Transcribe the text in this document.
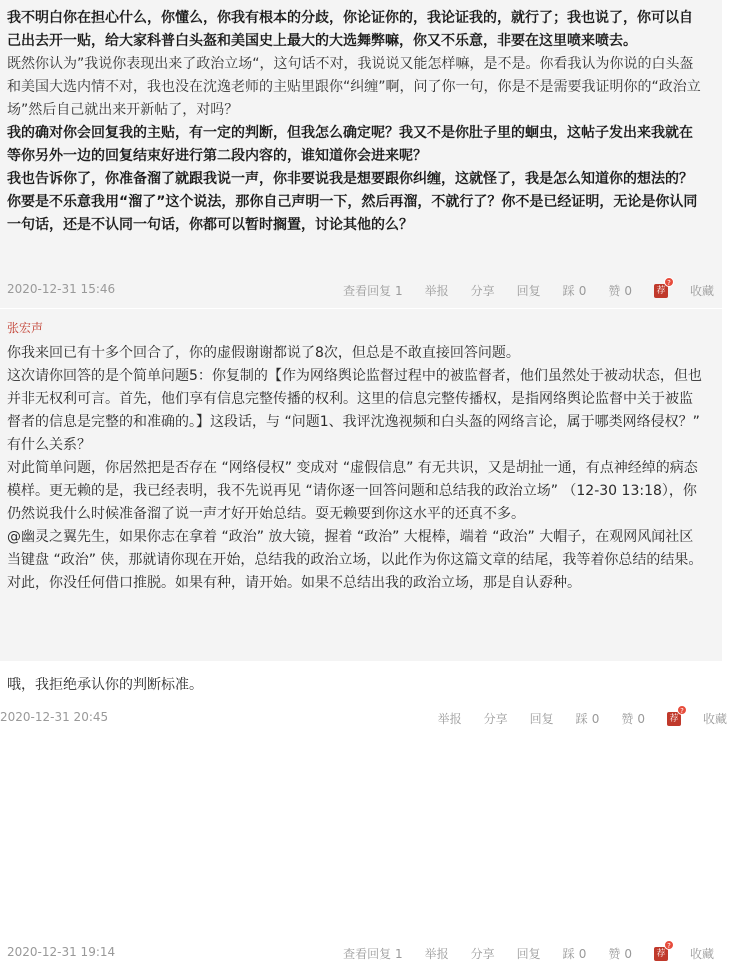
我不明白你在担心什么，你懂么，你我有根本的分歧，你论证你的，我论证我的，就行了；我也说了，你可以自己出去开一贴，给大家科普白头盔和美国史上最大的大选舞弊嘛，你又不乐意，非要在这里喷来喷去。

既然你认为”我说你表现出来了政治立场“，这句话不对，我说说又能怎样嘛，是不是。你看我认为你说的白头盔和美国大选内情不对，我也没在沈逸老师的主贴里跟你“纠缠”啊，问了你一句，你是不是需要我证明你的“政治立场”然后自己就出来开新帖了，对吗？

我的确对你会回复我的主贴，有一定的判断，但我怎么确定呢？我又不是你肚子里的蛔虫，这帖子发出来我就在等你另外一边的回复结束好进行第二段内容的，谁知道你会进来呢？

我也告诉你了，你准备溜了就跟我说一声，你非要说我是想要跟你纠缠，这就怪了，我是怎么知道你的想法的？

你要是不乐意我用“溜了”这个说法，那你自己声明一下，然后再溜，不就行了？你不是已经证明，无论是你认同一句话，还是不认同一句话，你都可以暂时搁置，讨论其他的么？

2020-12-31 15:46	查看回复 1 举报 分享 回复 踩 0 赞 0	荐
?
收藏
张宏声

你我来回已有十多个回合了，你的虚假谢谢都说了8次，但总是不敢直接回答问题。

这次请你回答的是个简单问题5：你复制的【作为网络舆论监督过程中的被监督者，他们虽然处于被动状态，但也并非无权利可言。首先，他们享有信息完整传播的权利。这里的信息完整传播权，是指网络舆论监督中关于被监督者的信息是完整的和准确的。】这段话，与 “问题1、我评沈逸视频和白头盔的网络言论，属于哪类网络侵权？” 有什么关系？

对此简单问题，你居然把是否存在 “网络侵权” 变成对 “虚假信息” 有无共识，又是胡扯一通，有点神经绰的病态模样。更无赖的是，我已经表明，我不先说再见 “请你逐一回答问题和总结我的政治立场” （12-30 13:18），你仍然说我什么时候准备溜了说一声才好开始总结。耍无赖要到你这水平的还真不多。

@幽灵之翼先生，如果你志在拿着 “政治” 放大镜，握着 “政治” 大棍棒，端着 “政治” 大帽子，在观网风闻社区当键盘 “政治” 侠，那就请你现在开始，总结我的政治立场，以此作为你这篇文章的结尾，我等着你总结的结果。

对此，你没任何借口推脱。如果有种，请开始。如果不总结出我的政治立场，那是自认孬种。

2020-12-31 19:14	查看回复 1 举报 分享 回复 踩 0 赞 0	荐
?
收藏

哦，我拒绝承认你的判断标准。

2020-12-31 20:45	举报 分享 回复 踩 0 赞 0	荐
?
收藏
